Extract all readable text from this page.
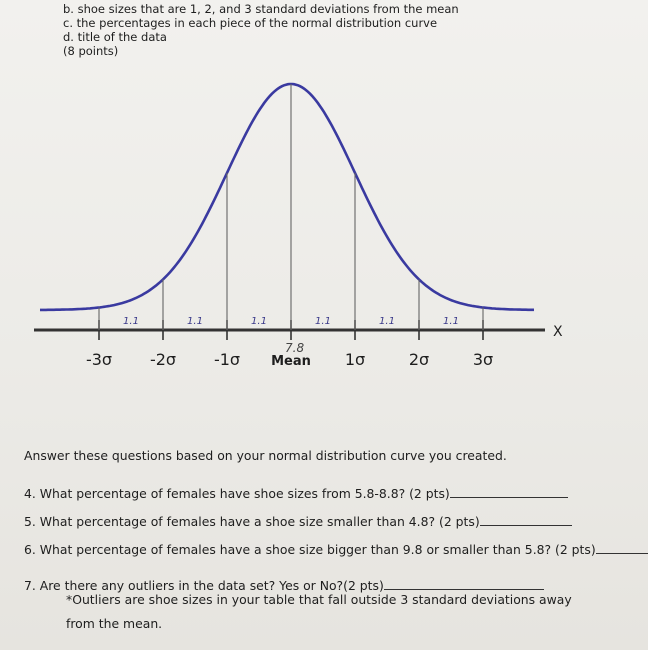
b. shoe sizes that are 1, 2, and 3 standard deviations from the mean
c. the percentages in each piece of the normal distribution curve
d. title of the data
(8 points)
X
-3σ -2σ -1σ Mean 1σ	2σ	3σ
7.8
1.1	1.1	1.1	1.1	1.1	1.1
Answer these questions based on your normal distribution curve you created.
4. What percentage of females have shoe sizes from 5.8-8.8? (2 pts)
5. What percentage of females have a shoe size smaller than 4.8? (2 pts)
6. What percentage of females have a shoe size bigger than 9.8 or smaller than 5.8? (2 pts)
7. Are there any outliers in the data set? Yes or No?(2 pts)
*Outliers are shoe sizes in your table that fall outside 3 standard deviations away
from the mean.
